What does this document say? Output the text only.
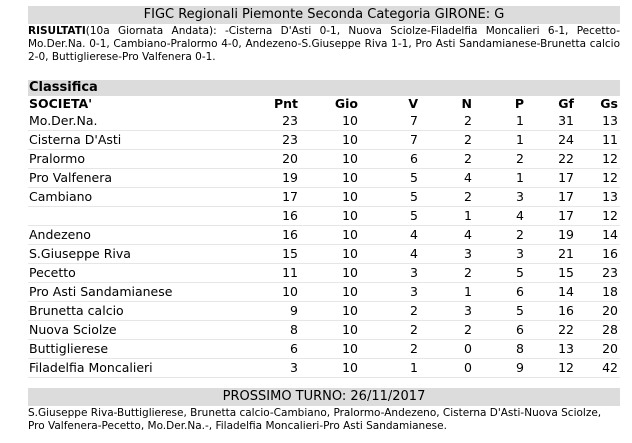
FIGC Regionali Piemonte Seconda Categoria GIRONE: G
RISULTATI(10a Giornata Andata): -Cisterna D'Asti 0-1, Nuova Sciolze-Filadelfia Moncalieri 6-1, Pecetto-Mo.Der.Na. 0-1, Cambiano-Pralormo 4-0, Andezeno-S.Giuseppe Riva 1-1, Pro Asti Sandamianese-Brunetta calcio 2-0, Buttiglierese-Pro Valfenera 0-1.
Classifica
SOCIETA'	Pnt	Gio	V	N	P	Gf	Gs
Mo.Der.Na.	23	10	7	2	1	31	13
Cisterna D'Asti	23	10	7	2	1	24	11
Pralormo	20	10	6	2	2	22	12
Pro Valfenera	19	10	5	4	1	17	12
Cambiano	17	10	5	2	3	17	13
	16	10	5	1	4	17	12
Andezeno	16	10	4	4	2	19	14
S.Giuseppe Riva	15	10	4	3	3	21	16
Pecetto	11	10	3	2	5	15	23
Pro Asti Sandamianese	10	10	3	1	6	14	18
Brunetta calcio	9	10	2	3	5	16	20
Nuova Sciolze	8	10	2	2	6	22	28
Buttiglierese	6	10	2	0	8	13	20
Filadelfia Moncalieri	3	10	1	0	9	12	42
PROSSIMO TURNO: 26/11/2017
S.Giuseppe Riva-Buttiglierese, Brunetta calcio-Cambiano, Pralormo-Andezeno, Cisterna D'Asti-Nuova Sciolze, Pro Valfenera-Pecetto, Mo.Der.Na.-, Filadelfia Moncalieri-Pro Asti Sandamianese.
